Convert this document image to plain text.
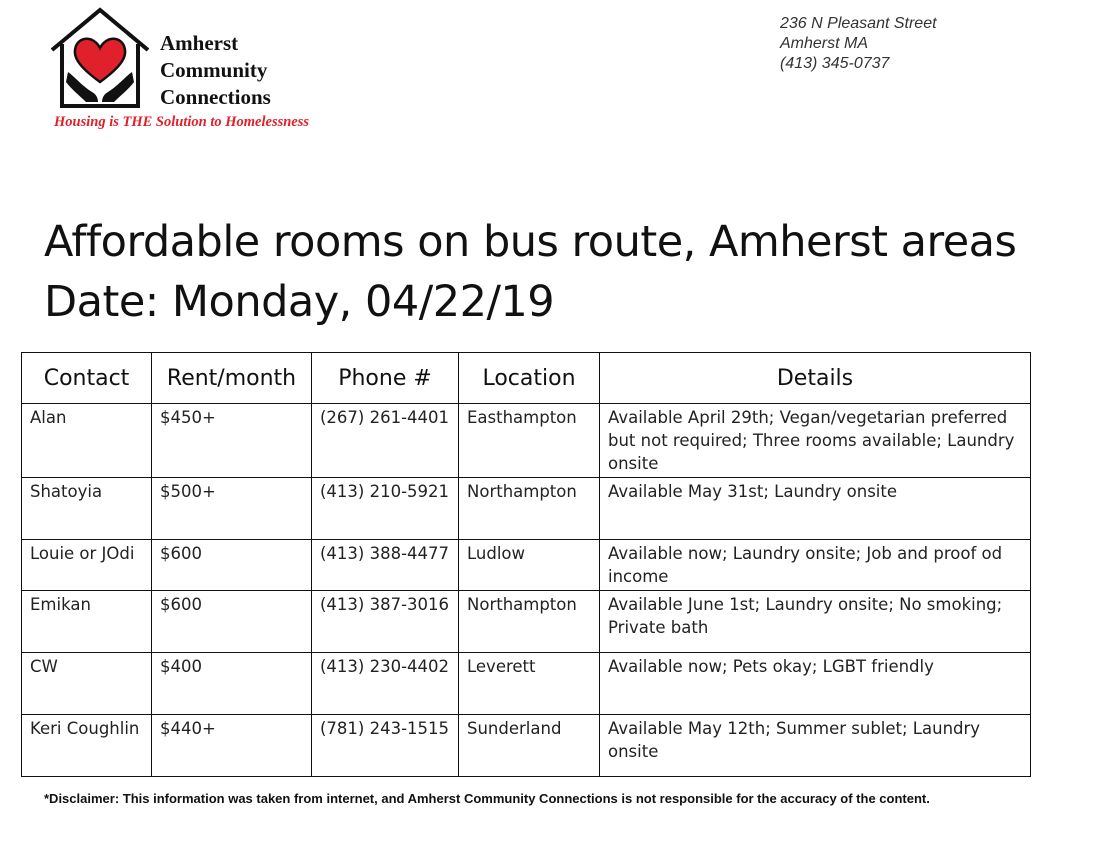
Amherst
Community
Connections
Housing is THE Solution to Homelessness
236 N Pleasant Street
Amherst MA
(413) 345-0737
Affordable rooms on bus route, Amherst areas
Date: Monday, 04/22/19
Contact	Rent/month	Phone #	Location	Details
Alan	$450+	(267) 261-4401	Easthampton	Available April 29th; Vegan/vegetarian preferred but not required; Three rooms available; Laundry onsite
Shatoyia	$500+	(413) 210-5921	Northampton	Available May 31st; Laundry onsite
Louie or JOdi	$600	(413) 388-4477	Ludlow	Available now; Laundry onsite; Job and proof od income
Emikan	$600	(413) 387-3016	Northampton	Available June 1st; Laundry onsite; No smoking; Private bath
CW	$400	(413) 230-4402	Leverett	Available now; Pets okay; LGBT friendly
Keri Coughlin	$440+	(781) 243-1515	Sunderland	Available May 12th; Summer sublet; Laundry onsite
*Disclaimer: This information was taken from internet, and Amherst Community Connections is not responsible for the accuracy of the content.
